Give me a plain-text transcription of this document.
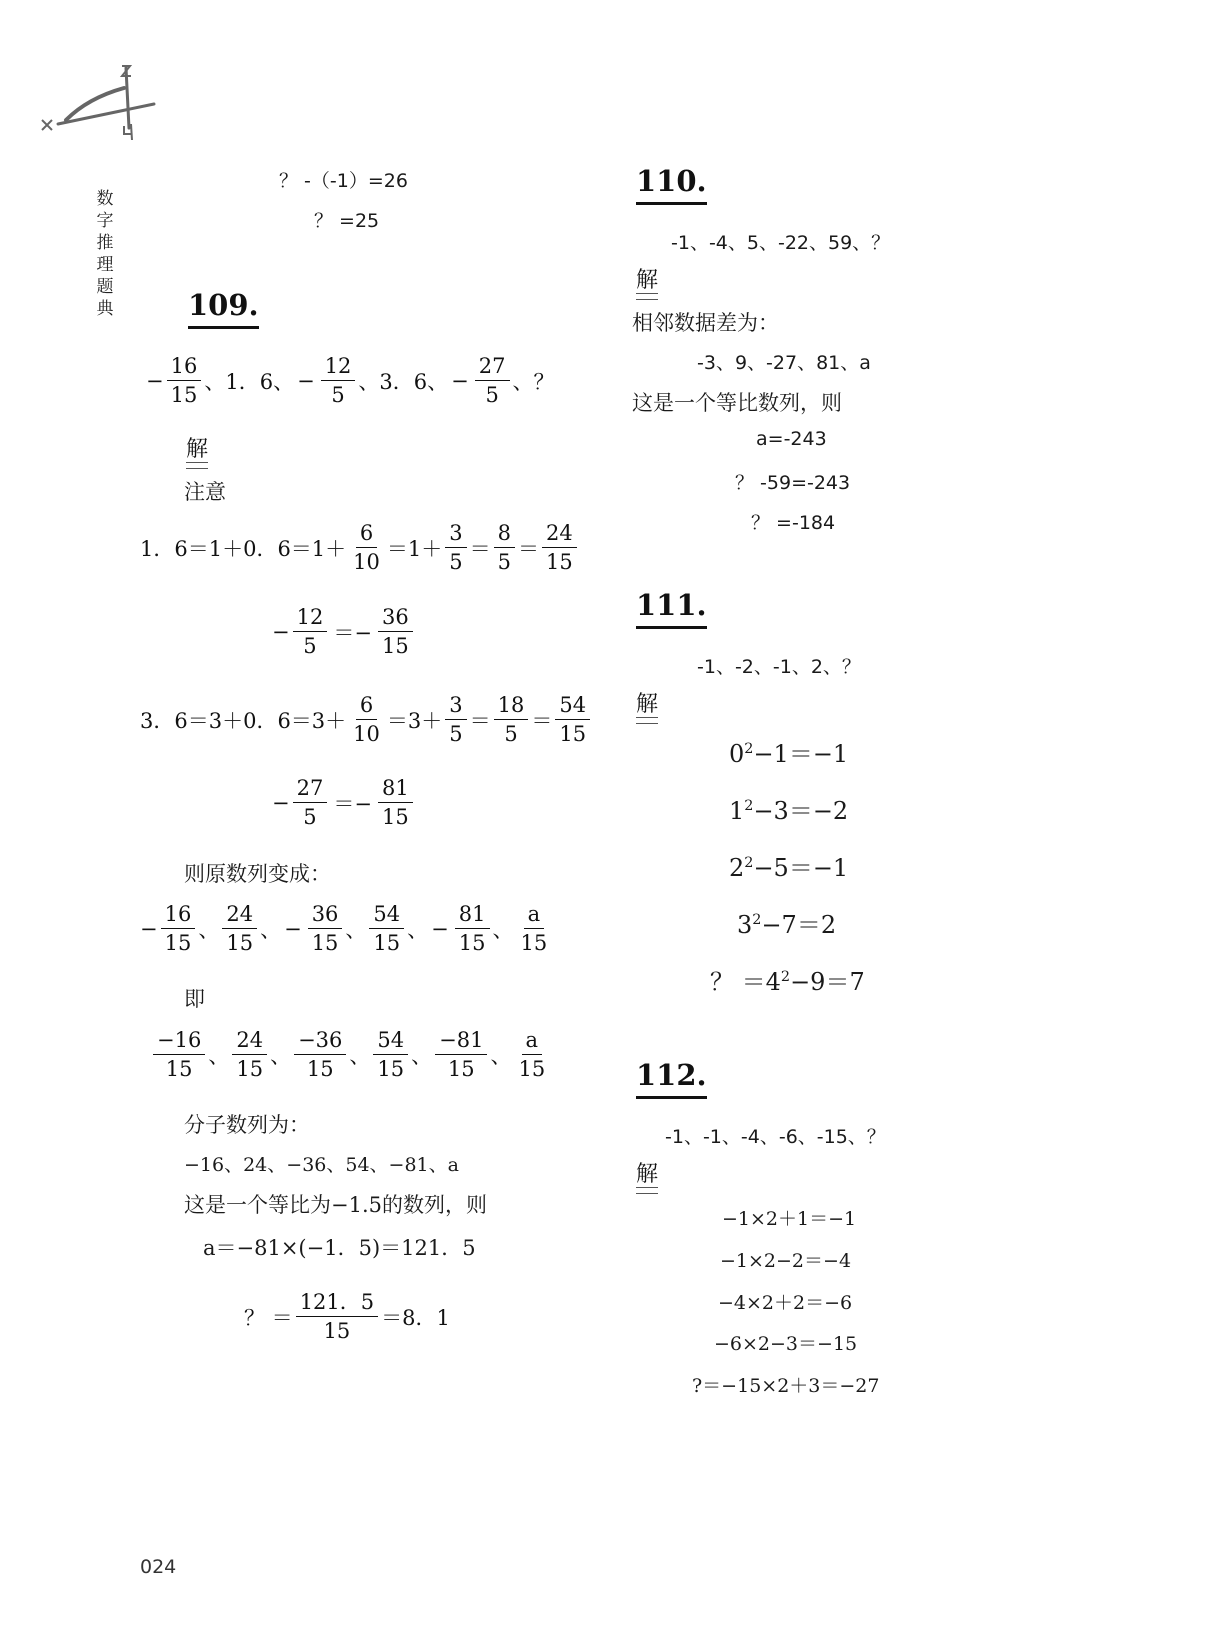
数字推理题典
？ -（-1）=26
？ =25
109.
− $\frac{16}{15}$ 、1．6、 − $\frac{12}{5}$ 、3．6、 − $\frac{27}{5}$ 、？
解
注意
1．6＝1＋0．$6=1+ \frac{6}{10} =1+ \frac{3}{5} = \frac{8}{5} = \frac{24}{15}$
− $\frac{12}{5} =- \frac{36}{15}$
3．6＝3＋0．$6=3+ \frac{6}{10} =3+ \frac{3}{5} = \frac{18}{5} = \frac{54}{15}$
− $\frac{27}{5} =- \frac{81}{15}$
则原数列变成：
− $\frac{16}{15}$ 、 $\frac{24}{15}$ 、 − $\frac{36}{15}$ 、 $\frac{54}{15}$ 、 − $\frac{81}{15}$ 、 $\frac{a}{15}$
即
$\frac{-16}{15}$ 、 $\frac{24}{15}$ 、 $\frac{-36}{15}$ 、 $\frac{54}{15}$ 、 $\frac{-81}{15}$ 、 $\frac{a}{15}$
分子数列为：
−16、24、−36、54、−81、a
这是一个等比为−1.5的数列，则
a＝−81×(−1．5)＝121．5
？ ＝ $\frac{121.5}{15} =8$．1
110.
-1、-4、5、-22、59、？
解
相邻数据差为：
-3、9、-27、81、a
这是一个等比数列，则
a=-243
？ -59=-243
？ =-184
111.
-1、-2、-1、2、？
解
$0^2-1=-1$
$1^2-3=-2$
$2^2-5=-1$
$3^2-7=2$
？ $=4^2-9=7$
112.
-1、-1、-4、-6、-15、？
解
−1×2＋1＝−1
−1×2−2＝−4
−4×2＋2＝−6
−6×2−3＝−15
?＝−15×2＋3＝−27
024
